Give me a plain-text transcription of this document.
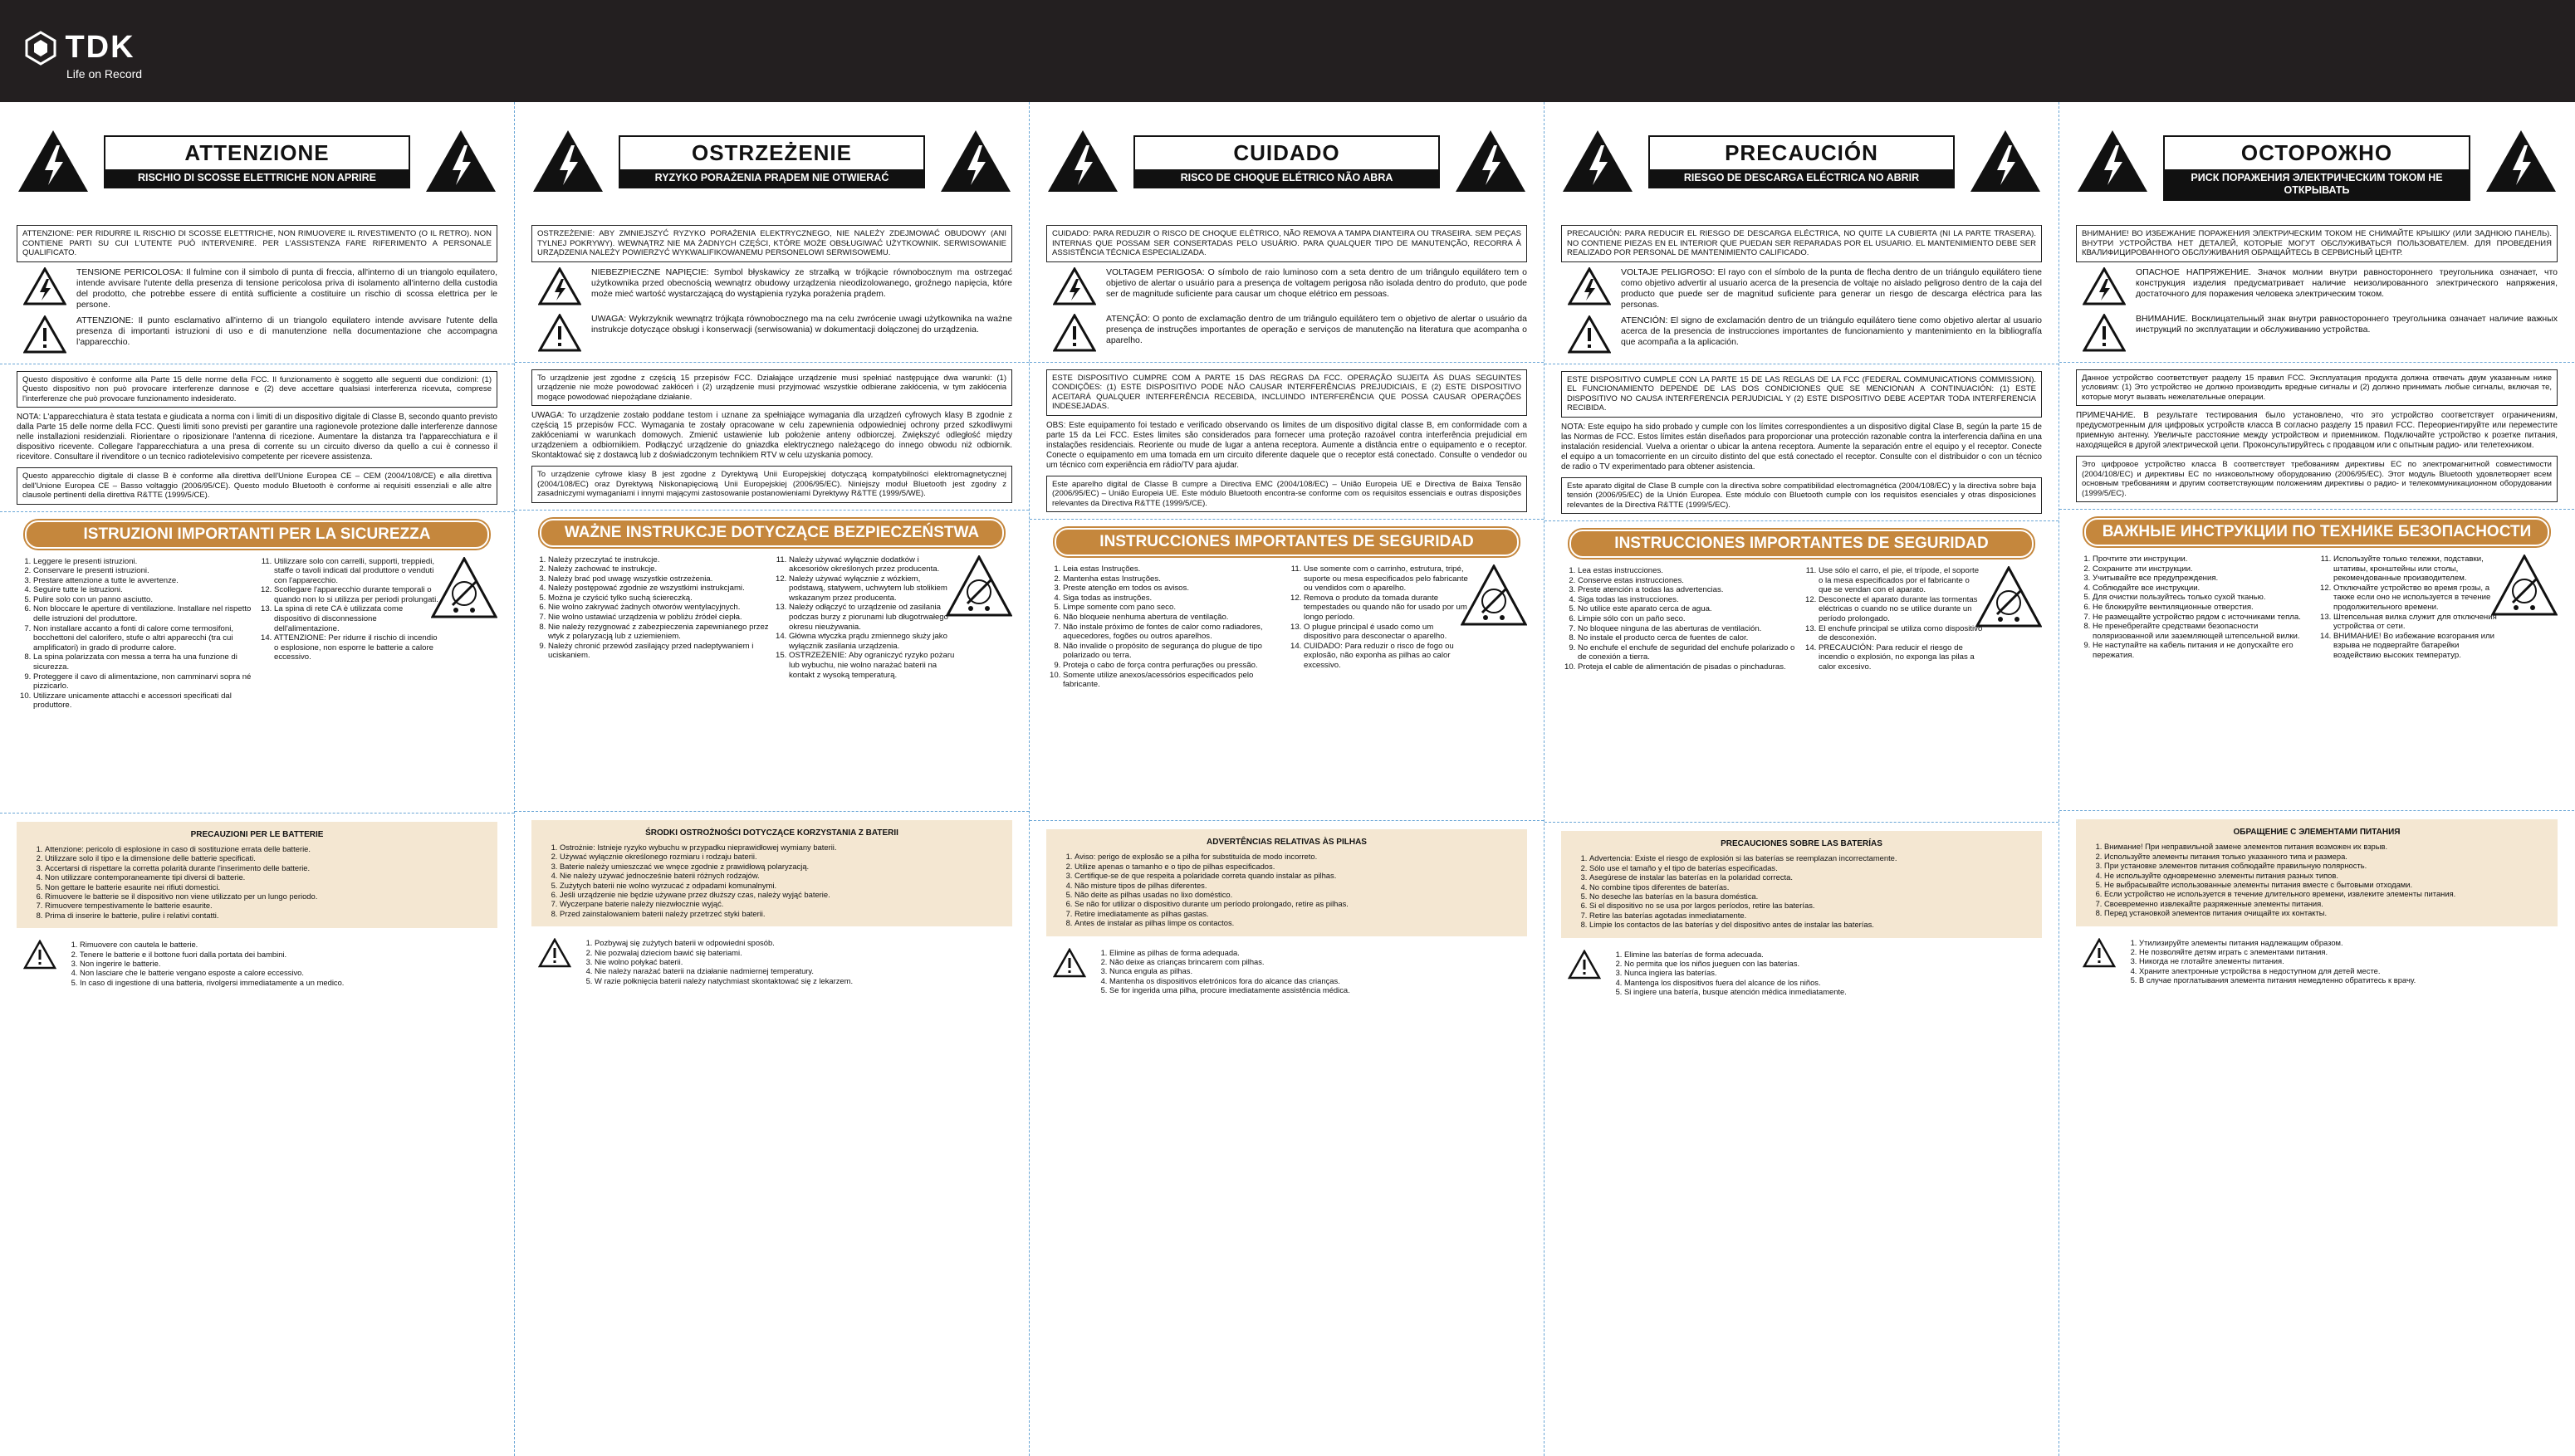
TDK
Life on Record
ATTENZIONE
RISCHIO DI SCOSSE ELETTRICHE NON APRIRE
ATTENZIONE: PER RIDURRE IL RISCHIO DI SCOSSE ELETTRICHE, NON RIMUOVERE IL RIVESTIMENTO (O IL RETRO). NON CONTIENE PARTI SU CUI L'UTENTE PUÒ INTERVENIRE. PER L'ASSISTENZA FARE RIFERIMENTO A PERSONALE QUALIFICATO.
TENSIONE PERICOLOSA: Il fulmine con il simbolo di punta di freccia, all'interno di un triangolo equilatero, intende avvisare l'utente della presenza di tensione pericolosa priva di isolamento all'interno della custodia del prodotto, che potrebbe essere di entità sufficiente a costituire un rischio di scossa elettrica per le persone.
ATTENZIONE: Il punto esclamativo all'interno di un triangolo equilatero intende avvisare l'utente della presenza di importanti istruzioni di uso e di manutenzione nella documentazione che accompagna l'apparecchio.
Questo dispositivo è conforme alla Parte 15 delle norme della FCC. Il funzionamento è soggetto alle seguenti due condizioni: (1) Questo dispositivo non può provocare interferenze dannose e (2) deve accettare qualsiasi interferenza ricevuta, comprese l'interferenze che può provocare funzionamento indesiderato.
NOTA: L'apparecchiatura è stata testata e giudicata a norma con i limiti di un dispositivo digitale di Classe B, secondo quanto previsto dalla Parte 15 delle norme della FCC. Questi limiti sono previsti per garantire una ragionevole protezione dalle interferenze dannose nelle installazioni residenziali. Riorientare o riposizionare l'antenna di ricezione. Aumentare la distanza tra l'apparecchiatura e il dispositivo ricevente. Collegare l'apparecchiatura a una presa di corrente su un circuito diverso da quello a cui è connesso il ricevitore. Consultare il rivenditore o un tecnico radiotelevisivo competente per ricevere assistenza.
Questo apparecchio digitale di classe B è conforme alla direttiva dell'Unione Europea CE – CEM (2004/108/CE) e alla direttiva dell'Unione Europea CE – Basso voltaggio (2006/95/CE). Questo modulo Bluetooth è conforme ai requisiti essenziali e alle altre clausole pertinenti della direttiva R&TTE (1999/5/CE).
ISTRUZIONI IMPORTANTI PER LA SICUREZZA
1. Leggere le presenti istruzioni.
2. Conservare le presenti istruzioni.
3. Prestare attenzione a tutte le avvertenze.
4. Seguire tutte le istruzioni.
5. Pulire solo con un panno asciutto.
6. Non bloccare le aperture di ventilazione. Installare nel rispetto delle istruzioni del produttore.
7. Non installare accanto a fonti di calore come termosifoni, bocchettoni del calorifero, stufe o altri apparecchi (tra cui amplificatori) in grado di produrre calore.
8. La spina polarizzata con messa a terra ha una funzione di sicurezza.
9. Proteggere il cavo di alimentazione, non camminarvi sopra né pizzicarlo.
10. Utilizzare unicamente attacchi e accessori specificati dal produttore.
11. Utilizzare solo con carrelli, supporti, treppiedi, staffe o tavoli indicati dal produttore o venduti con l'apparecchio.
12. Scollegare l'apparecchio durante temporali o quando non lo si utilizza per periodi prolungati.
13. La spina di rete CA è utilizzata come dispositivo di disconnessione dell'alimentazione.
14. ATTENZIONE: Per ridurre il rischio di incendio o esplosione, non esporre le batterie a calore eccessivo.
PRECAUZIONI PER LE BATTERIE
1. Attenzione: pericolo di esplosione in caso di sostituzione errata delle batterie.
2. Utilizzare solo il tipo e la dimensione delle batterie specificati.
3. Accertarsi di rispettare la corretta polarità durante l'inserimento delle batterie.
4. Non utilizzare contemporaneamente tipi diversi di batterie.
5. Non gettare le batterie esaurite nei rifiuti domestici.
6. Rimuovere le batterie se il dispositivo non viene utilizzato per un lungo periodo.
7. Rimuovere tempestivamente le batterie esaurite.
8. Prima di inserire le batterie, pulire i relativi contatti.
1. Rimuovere con cautela le batterie.
2. Tenere le batterie e il bottone fuori dalla portata dei bambini.
3. Non ingerire le batterie.
4. Non lasciare che le batterie vengano esposte a calore eccessivo.
5. In caso di ingestione di una batteria, rivolgersi immediatamente a un medico.
OSTRZEŻENIE
RYZYKO PORAŻENIA PRĄDEM NIE OTWIERAĆ
OSTRZEŻENIE: ABY ZMNIEJSZYĆ RYZYKO PORAŻENIA ELEKTRYCZNEGO, NIE NALEŻY ZDEJMOWAĆ OBUDOWY (ANI TYLNEJ POKRYWY). WEWNĄTRZ NIE MA ŻADNYCH CZĘŚCI, KTÓRE MOŻE OBSŁUGIWAĆ UŻYTKOWNIK. SERWISOWANIE URZĄDZENIA NALEŻY POWIERZYĆ WYKWALIFIKOWANEMU PERSONELOWI SERWISOWEMU.
NIEBEZPIECZNE NAPIĘCIE: Symbol błyskawicy ze strzałką w trójkącie równobocznym ma ostrzegać użytkownika przed obecnością wewnątrz obudowy urządzenia nieodizolowanego, groźnego napięcia, które może mieć wartość wystarczającą do wystąpienia ryzyka porażenia prądem.
UWAGA: Wykrzyknik wewnątrz trójkąta równobocznego ma na celu zwrócenie uwagi użytkownika na ważne instrukcje dotyczące obsługi i konserwacji (serwisowania) w dokumentacji dołączonej do urządzenia.
To urządzenie jest zgodne z częścią 15 przepisów FCC. Działające urządzenie musi spełniać następujące dwa warunki: (1) urządzenie nie może powodować zakłóceń i (2) urządzenie musi przyjmować wszystkie odbierane zakłócenia, w tym zakłócenia mogące powodować niepożądane działanie.
UWAGA: To urządzenie zostało poddane testom i uznane za spełniające wymagania dla urządzeń cyfrowych klasy B zgodnie z częścią 15 przepisów FCC. Wymagania te zostały opracowane w celu zapewnienia odpowiedniej ochrony przed szkodliwymi zakłóceniami w warunkach domowych. Zmienić ustawienie lub położenie anteny odbiorczej. Zwiększyć odległość między urządzeniem a odbiornikiem. Podłączyć urządzenie do gniazdka elektrycznego należącego do innego obwodu niż odbiornik. Skontaktować się z dostawcą lub z doświadczonym technikiem RTV w celu uzyskania pomocy.
To urządzenie cyfrowe klasy B jest zgodne z Dyrektywą Unii Europejskiej dotyczącą kompatybilności elektromagnetycznej (2004/108/EC) oraz Dyrektywą Niskonapięciową Unii Europejskiej (2006/95/EC). Niniejszy moduł Bluetooth jest zgodny z zasadniczymi wymaganiami i innymi mającymi zastosowanie postanowieniami Dyrektywy R&TTE (1999/5/WE).
WAŻNE INSTRUKCJE DOTYCZĄCE BEZPIECZEŃSTWA
1. Należy przeczytać te instrukcje.
2. Należy zachować te instrukcje.
3. Należy brać pod uwagę wszystkie ostrzeżenia.
4. Należy postępować zgodnie ze wszystkimi instrukcjami.
5. Można je czyścić tylko suchą ściereczką.
6. Nie wolno zakrywać żadnych otworów wentylacyjnych.
7. Nie wolno ustawiać urządzenia w pobliżu źródeł ciepła.
8. Nie należy rezygnować z zabezpieczenia zapewnianego przez wtyk z polaryzacją lub z uziemieniem.
9. Należy chronić przewód zasilający przed nadeptywaniem i uciskaniem.
11. Należy używać wyłącznie dodatków i akcesoriów określonych przez producenta.
12. Należy używać wyłącznie z wózkiem, podstawą, statywem, uchwytem lub stolikiem wskazanym przez producenta.
13. Należy odłączyć to urządzenie od zasilania podczas burzy z piorunami lub długotrwałego okresu nieużywania.
14. Główna wtyczka prądu zmiennego służy jako wyłącznik zasilania urządzenia.
15. OSTRZEŻENIE: Aby ograniczyć ryzyko pożaru lub wybuchu, nie wolno narażać baterii na kontakt z wysoką temperaturą.
ŚRODKI OSTROŻNOŚCI DOTYCZĄCE KORZYSTANIA Z BATERII
1. Ostrożnie: Istnieje ryzyko wybuchu w przypadku nieprawidłowej wymiany baterii.
2. Używać wyłącznie określonego rozmiaru i rodzaju baterii.
3. Baterie należy umieszczać we wnęce zgodnie z prawidłową polaryzacją.
4. Nie należy używać jednocześnie baterii różnych rodzajów.
5. Zużytych baterii nie wolno wyrzucać z odpadami komunalnymi.
6. Jeśli urządzenie nie będzie używane przez dłuższy czas, należy wyjąć baterie.
7. Wyczerpane baterie należy niezwłocznie wyjąć.
8. Przed zainstalowaniem baterii należy przetrzeć styki baterii.
1. Pozbywaj się zużytych baterii w odpowiedni sposób.
2. Nie pozwalaj dzieciom bawić się bateriami.
3. Nie wolno połykać baterii.
4. Nie należy narażać baterii na działanie nadmiernej temperatury.
5. W razie połknięcia baterii należy natychmiast skontaktować się z lekarzem.
CUIDADO
RISCO DE CHOQUE ELÉTRICO NÃO ABRA
CUIDADO: PARA REDUZIR O RISCO DE CHOQUE ELÉTRICO, NÃO REMOVA A TAMPA DIANTEIRA OU TRASEIRA. SEM PEÇAS INTERNAS QUE POSSAM SER CONSERTADAS PELO USUÁRIO. PARA QUALQUER TIPO DE MANUTENÇÃO, RECORRA À ASSISTÊNCIA TÉCNICA ESPECIALIZADA.
VOLTAGEM PERIGOSA: O símbolo de raio luminoso com a seta dentro de um triângulo equilátero tem o objetivo de alertar o usuário para a presença de voltagem perigosa não isolada dentro do produto, que pode ser de magnitude suficiente para causar um choque elétrico em pessoas.
ATENÇÃO: O ponto de exclamação dentro de um triângulo equilátero tem o objetivo de alertar o usuário da presença de instruções importantes de operação e serviços de manutenção na literatura que acompanha o aparelho.
ESTE DISPOSITIVO CUMPRE COM A PARTE 15 DAS REGRAS DA FCC. OPERAÇÃO SUJEITA ÀS DUAS SEGUINTES CONDIÇÕES: (1) ESTE DISPOSITIVO PODE NÃO CAUSAR INTERFERÊNCIAS PREJUDICIAIS, E (2) ESTE DISPOSITIVO ACEITARÁ QUALQUER INTERFERÊNCIA RECEBIDA, INCLUINDO INTERFERÊNCIA QUE POSSA CAUSAR OPERAÇÕES INDESEJADAS.
OBS: Este equipamento foi testado e verificado observando os limites de um dispositivo digital classe B, em conformidade com a parte 15 da Lei FCC. Estes limites são considerados para fornecer uma proteção razoável contra interferência prejudicial em instalações residenciais. Reoriente ou mude de lugar a antena receptora. Aumente a distância entre o equipamento e o receptor. Conecte o equipamento em uma tomada em um circuito diferente daquele que o receptor está conectado. Consulte o vendedor ou um técnico com experiência em rádio/TV para ajudar.
Este aparelho digital de Classe B cumpre a Directiva EMC (2004/108/EC) – União Europeia UE e Directiva de Baixa Tensão (2006/95/EC) – União Europeia UE. Este módulo Bluetooth encontra-se conforme com os requisitos essenciais e outras disposições relevantes da Directiva R&TTE (1999/5/CE).
INSTRUCCIONES IMPORTANTES DE SEGURIDAD
1. Leia estas Instruções.
2. Mantenha estas Instruções.
3. Preste atenção em todos os avisos.
4. Siga todas as instruções.
5. Limpe somente com pano seco.
6. Não bloqueie nenhuma abertura de ventilação.
7. Não instale próximo de fontes de calor como radiadores, aquecedores, fogões ou outros aparelhos.
8. Não invalide o propósito de segurança do plugue de tipo polarizado ou terra.
9. Proteja o cabo de força contra perfurações ou pressão.
10. Somente utilize anexos/acessórios especificados pelo fabricante.
11. Use somente com o carrinho, estrutura, tripé, suporte ou mesa especificados pelo fabricante ou vendidos com o aparelho.
12. Remova o produto da tomada durante tempestades ou quando não for usado por um longo período.
13. O plugue principal é usado como um dispositivo para desconectar o aparelho.
14. CUIDADO: Para reduzir o risco de fogo ou explosão, não exponha as pilhas ao calor excessivo.
ADVERTÊNCIAS RELATIVAS ÀS PILHAS
1. Aviso: perigo de explosão se a pilha for substituída de modo incorreto.
2. Utilize apenas o tamanho e o tipo de pilhas especificados.
3. Certifique-se de que respeita a polaridade correta quando instalar as pilhas.
4. Não misture tipos de pilhas diferentes.
5. Não deite as pilhas usadas no lixo doméstico.
6. Se não for utilizar o dispositivo durante um período prolongado, retire as pilhas.
7. Retire imediatamente as pilhas gastas.
8. Antes de instalar as pilhas limpe os contactos.
1. Elimine as pilhas de forma adequada.
2. Não deixe as crianças brincarem com pilhas.
3. Nunca engula as pilhas.
4. Mantenha os dispositivos eletrónicos fora do alcance das crianças.
5. Se for ingerida uma pilha, procure imediatamente assistência médica.
PRECAUCIÓN
RIESGO DE DESCARGA ELÉCTRICA NO ABRIR
PRECAUCIÓN: PARA REDUCIR EL RIESGO DE DESCARGA ELÉCTRICA, NO QUITE LA CUBIERTA (NI LA PARTE TRASERA). NO CONTIENE PIEZAS EN EL INTERIOR QUE PUEDAN SER REPARADAS POR EL USUARIO. EL MANTENIMIENTO DEBE SER REALIZADO POR PERSONAL DE MANTENIMIENTO CALIFICADO.
VOLTAJE PELIGROSO: El rayo con el símbolo de la punta de flecha dentro de un triángulo equilátero tiene como objetivo advertir al usuario acerca de la presencia de voltaje no aislado peligroso dentro de la caja del producto que puede ser de magnitud suficiente para generar un riesgo de descarga eléctrica para las personas.
ATENCIÓN: El signo de exclamación dentro de un triángulo equilátero tiene como objetivo alertar al usuario acerca de la presencia de instrucciones importantes de funcionamiento y mantenimiento en la bibliografía que acompaña a la aplicación.
ESTE DISPOSITIVO CUMPLE CON LA PARTE 15 DE LAS REGLAS DE LA FCC (FEDERAL COMMUNICATIONS COMMISSION). EL FUNCIONAMIENTO DEPENDE DE LAS DOS CONDICIONES QUE SE MENCIONAN A CONTINUACIÓN: (1) ESTE DISPOSITIVO NO CAUSA INTERFERENCIA PERJUDICIAL Y (2) ESTE DISPOSITIVO DEBE ACEPTAR TODA INTERFERENCIA RECIBIDA.
NOTA: Este equipo ha sido probado y cumple con los límites correspondientes a un dispositivo digital Clase B, según la parte 15 de las Normas de FCC. Estos límites están diseñados para proporcionar una protección razonable contra la interferencia dañina en una instalación residencial. Vuelva a orientar o ubicar la antena receptora. Aumente la separación entre el equipo y el receptor. Conecte el equipo a un tomacorriente en un circuito distinto del que está conectado el receptor. Consulte con el distribuidor o con un técnico de radio o TV experimentado para obtener asistencia.
Este aparato digital de Clase B cumple con la directiva sobre compatibilidad electromagnética (2004/108/EC) y la directiva sobre baja tensión (2006/95/EC) de la Unión Europea. Este módulo con Bluetooth cumple con los requisitos esenciales y otras disposiciones relevantes de la Directiva R&TTE (1999/5/EC).
INSTRUCCIONES IMPORTANTES DE SEGURIDAD
1. Lea estas instrucciones.
2. Conserve estas instrucciones.
3. Preste atención a todas las advertencias.
4. Siga todas las instrucciones.
5. No utilice este aparato cerca de agua.
6. Limpie sólo con un paño seco.
7. No bloquee ninguna de las aberturas de ventilación.
8. No instale el producto cerca de fuentes de calor.
9. No enchufe el enchufe de seguridad del enchufe polarizado o de conexión a tierra.
10. Proteja el cable de alimentación de pisadas o pinchaduras.
11. Use sólo el carro, el pie, el trípode, el soporte o la mesa especificados por el fabricante o que se vendan con el aparato.
12. Desconecte el aparato durante las tormentas eléctricas o cuando no se utilice durante un período prolongado.
13. El enchufe principal se utiliza como dispositivo de desconexión.
14. PRECAUCIÓN: Para reducir el riesgo de incendio o explosión, no exponga las pilas a calor excesivo.
PRECAUCIONES SOBRE LAS BATERÍAS
1. Advertencia: Existe el riesgo de explosión si las baterías se reemplazan incorrectamente.
2. Sólo use el tamaño y el tipo de baterías especificadas.
3. Asegúrese de instalar las baterías en la polaridad correcta.
4. No combine tipos diferentes de baterías.
5. No deseche las baterías en la basura doméstica.
6. Si el dispositivo no se usa por largos períodos, retire las baterías.
7. Retire las baterías agotadas inmediatamente.
8. Limpie los contactos de las baterías y del dispositivo antes de instalar las baterías.
1. Elimine las baterías de forma adecuada.
2. No permita que los niños jueguen con las baterías.
3. Nunca ingiera las baterías.
4. Mantenga los dispositivos fuera del alcance de los niños.
5. Si ingiere una batería, busque atención médica inmediatamente.
ОСТОРОЖНО
РИСК ПОРАЖЕНИЯ ЭЛЕКТРИЧЕСКИМ ТОКОМ НЕ ОТКРЫВАТЬ
ВНИМАНИЕ! ВО ИЗБЕЖАНИЕ ПОРАЖЕНИЯ ЭЛЕКТРИЧЕСКИМ ТОКОМ НЕ СНИМАЙТЕ КРЫШКУ (ИЛИ ЗАДНЮЮ ПАНЕЛЬ). ВНУТРИ УСТРОЙСТВА НЕТ ДЕТАЛЕЙ, КОТОРЫЕ МОГУТ ОБСЛУЖИВАТЬСЯ ПОЛЬЗОВАТЕЛЕМ. ДЛЯ ПРОВЕДЕНИЯ КВАЛИФИЦИРОВАННОГО ОБСЛУЖИВАНИЯ ОБРАЩАЙТЕСЬ В СЕРВИСНЫЙ ЦЕНТР.
ОПАСНОЕ НАПРЯЖЕНИЕ. Значок молнии внутри равностороннего треугольника означает, что конструкция изделия предусматривает наличие неизолированного электрического напряжения, достаточного для поражения человека электрическим током.
ВНИМАНИЕ. Восклицательный знак внутри равностороннего треугольника означает наличие важных инструкций по эксплуатации и обслуживанию устройства.
Данное устройство соответствует разделу 15 правил FCC. Эксплуатация продукта должна отвечать двум указанным ниже условиям: (1) Это устройство не должно производить вредные сигналы и (2) должно принимать любые сигналы, включая те, которые могут вызвать нежелательные операции.
ПРИМЕЧАНИЕ. В результате тестирования было установлено, что это устройство соответствует ограничениям, предусмотренным для цифровых устройств класса B согласно разделу 15 правил FCC. Переориентируйте или переместите приемную антенну. Увеличьте расстояние между устройством и приемником. Подключайте устройство к розетке питания, находящейся в другой электрической цепи. Проконсультируйтесь с продавцом или с опытным радио- или телетехником.
Это цифровое устройство класса B соответствует требованиям директивы ЕС по электромагнитной совместимости (2004/108/EC) и директивы ЕС по низковольтному оборудованию (2006/95/EC). Этот модуль Bluetooth удовлетворяет всем основным требованиям и другим соответствующим положениям директивы о радио- и телекоммуникационном оборудовании (1999/5/EC).
ВАЖНЫЕ ИНСТРУКЦИИ ПО ТЕХНИКЕ БЕЗОПАСНОСТИ
1. Прочтите эти инструкции.
2. Сохраните эти инструкции.
3. Учитывайте все предупреждения.
4. Соблюдайте все инструкции.
5. Для очистки пользуйтесь только сухой тканью.
6. Не блокируйте вентиляционные отверстия.
7. Не размещайте устройство рядом с источниками тепла.
8. Не пренебрегайте средствами безопасности поляризованной или заземляющей штепсельной вилки.
9. Не наступайте на кабель питания и не допускайте его пережатия.
11. Используйте только тележки, подставки, штативы, кронштейны или столы, рекомендованные производителем.
12. Отключайте устройство во время грозы, а также если оно не используется в течение продолжительного времени.
13. Штепсельная вилка служит для отключения устройства от сети.
14. ВНИМАНИЕ! Во избежание возгорания или взрыва не подвергайте батарейки воздействию высоких температур.
ОБРАЩЕНИЕ С ЭЛЕМЕНТАМИ ПИТАНИЯ
1. Внимание! При неправильной замене элементов питания возможен их взрыв.
2. Используйте элементы питания только указанного типа и размера.
3. При установке элементов питания соблюдайте правильную полярность.
4. Не используйте одновременно элементы питания разных типов.
5. Не выбрасывайте использованные элементы питания вместе с бытовыми отходами.
6. Если устройство не используется в течение длительного времени, извлеките элементы питания.
7. Своевременно извлекайте разряженные элементы питания.
8. Перед установкой элементов питания очищайте их контакты.
1. Утилизируйте элементы питания надлежащим образом.
2. Не позволяйте детям играть с элементами питания.
3. Никогда не глотайте элементы питания.
4. Храните электронные устройства в недоступном для детей месте.
5. В случае проглатывания элемента питания немедленно обратитесь к врачу.
